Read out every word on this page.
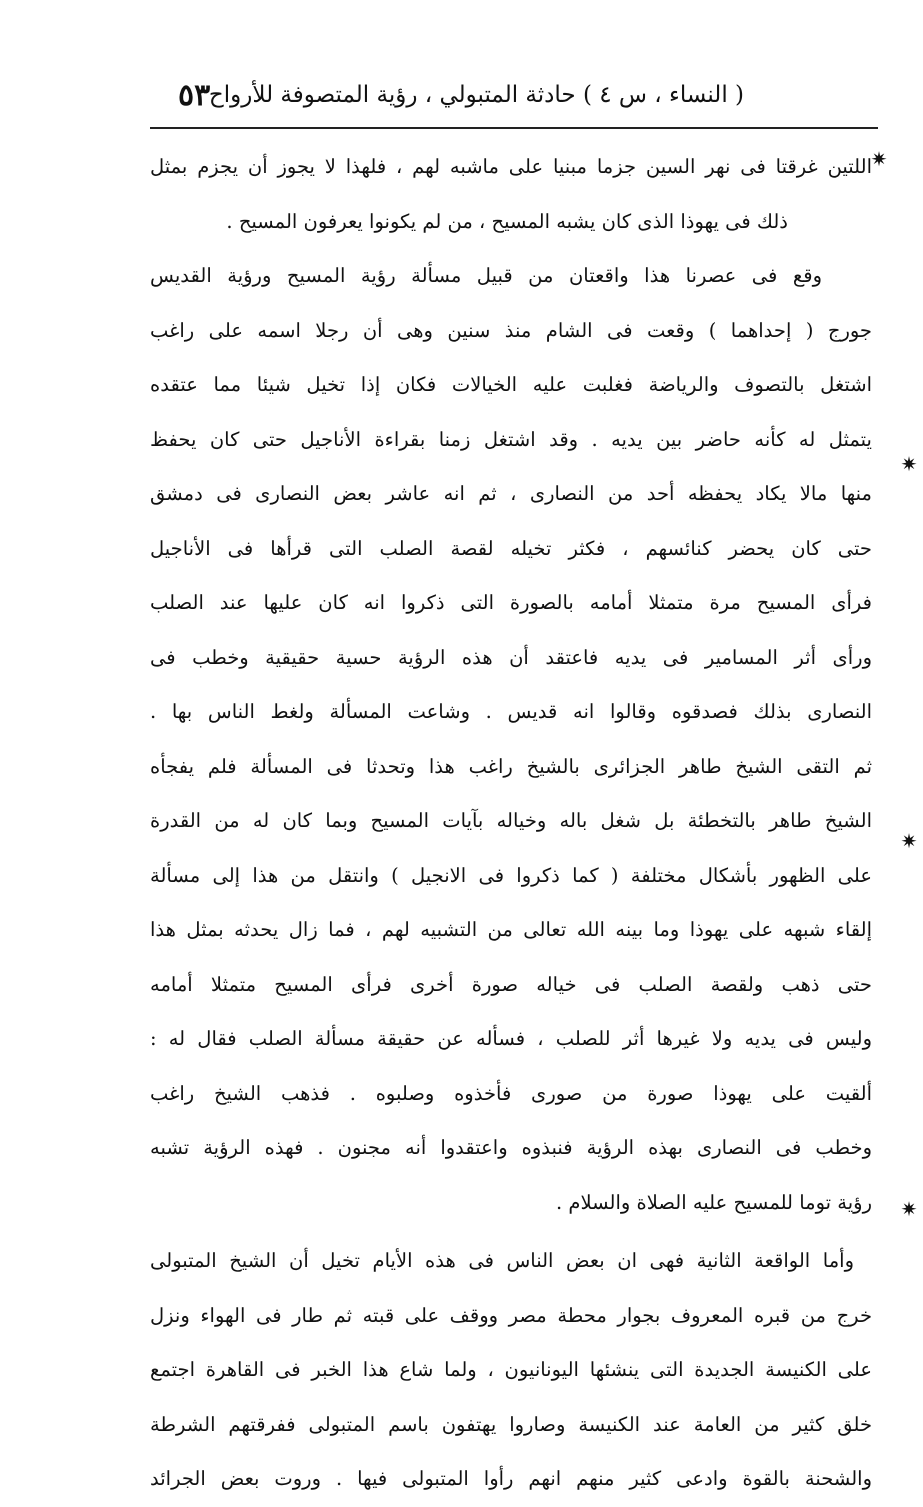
( النساء ، س ٤ ) حادثة المتبولي ، رؤية المتصوفة للأرواح
٥٣
اللتين غرقتا فى نهر السين جزما مبنيا على ماشبه لهم ، فلهذا لا يجوز أن يجزم بمثل
ذلك فى يهوذا الذى كان يشبه المسيح ، من لم يكونوا يعرفون المسيح .
وقع فى عصرنا هذا واقعتان من قبيل مسألة رؤية المسيح ورؤية القديس
جورج ( إحداهما ) وقعت فى الشام منذ سنين وهى أن رجلا اسمه على راغب
اشتغل بالتصوف والرياضة فغلبت عليه الخيالات فكان إذا تخيل شيئا مما عتقده
يتمثل له كأنه حاضر بين يديه . وقد اشتغل زمنا بقراءة الأناجيل حتى كان يحفظ
منها مالا يكاد يحفظه أحد من النصارى ، ثم انه عاشر بعض النصارى فى دمشق
حتى كان يحضر كنائسهم ، فكثر تخيله لقصة الصلب التى قرأها فى الأناجيل
فرأى المسيح مرة متمثلا أمامه بالصورة التى ذكروا انه كان عليها عند الصلب
ورأى أثر المسامير فى يديه فاعتقد أن هذه الرؤية حسية حقيقية وخطب فى
النصارى بذلك فصدقوه وقالوا انه قديس . وشاعت المسألة ولغط الناس بها .
ثم التقى الشيخ طاهر الجزائرى بالشيخ راغب هذا وتحدثا فى المسألة فلم يفجأه
الشيخ طاهر بالتخطئة بل شغل باله وخياله بآيات المسيح وبما كان له من القدرة
على الظهور بأشكال مختلفة ( كما ذكروا فى الانجيل ) وانتقل من هذا إلى مسألة
إلقاء شبهه على يهوذا وما بينه الله تعالى من التشبيه لهم ، فما زال يحدثه بمثل هذا
حتى ذهب ولقصة الصلب فى خياله صورة أخرى فرأى المسيح متمثلا أمامه
وليس فى يديه ولا غيرها أثر للصلب ، فسأله عن حقيقة مسألة الصلب فقال له :
ألقيت على يهوذا صورة من صورى فأخذوه وصلبوه . فذهب الشيخ راغب
وخطب فى النصارى بهذه الرؤية فنبذوه واعتقدوا أنه مجنون . فهذه الرؤية تشبه
رؤية توما للمسيح عليه الصلاة والسلام .
وأما الواقعة الثانية فهى ان بعض الناس فى هذه الأيام تخيل أن الشيخ المتبولى
خرج من قبره المعروف بجوار محطة مصر ووقف على قبته ثم طار فى الهواء ونزل
على الكنيسة الجديدة التى ينشئها اليونانيون ، ولما شاع هذا الخبر فى القاهرة اجتمع
خلق كثير من العامة عند الكنيسة وصاروا يهتفون باسم المتبولى ففرقتهم الشرطة
والشحنة بالقوة وادعى كثير منهم انهم رأوا المتبولى فيها . وروت بعض الجرائد
✷
✷
✷
✷
